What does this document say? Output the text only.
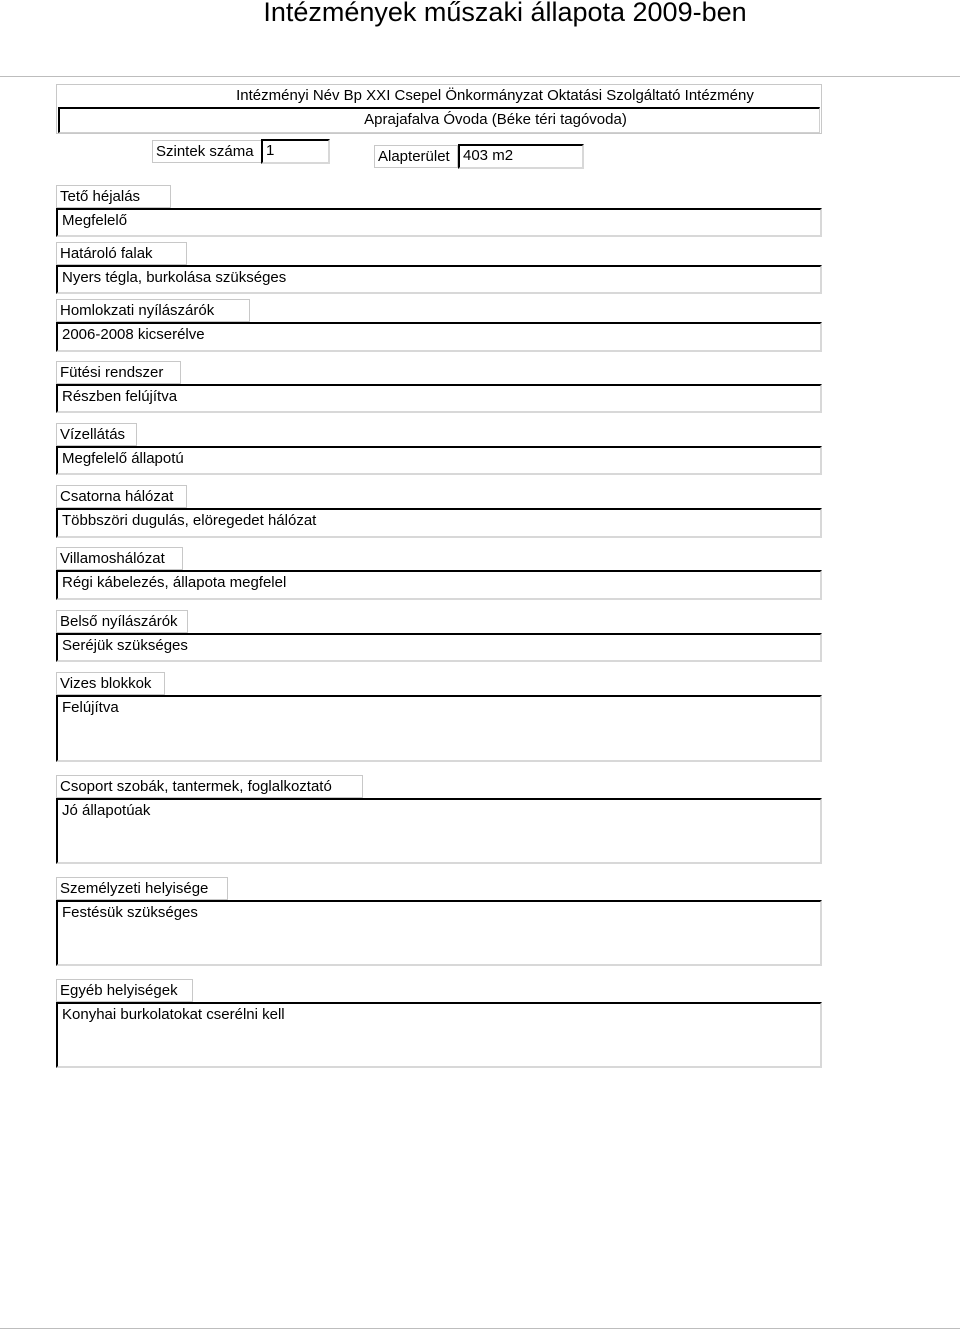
Intézmények műszaki állapota 2009-ben
Intézményi Név Bp XXI Csepel Önkormányzat Oktatási Szolgáltató Intézmény
Aprajafalva Óvoda (Béke téri tagóvoda)
Szintek száma 1	Alapterület 403 m2
Tető héjalás
Megfelelő
Határoló falak
Nyers tégla, burkolása szükséges
Homlokzati nyílászárók
2006-2008 kicserélve
Fütési rendszer
Részben felújítva
Vízellátás
Megfelelő állapotú
Csatorna hálózat
Többszöri dugulás, elöregedet hálózat
Villamoshálózat
Régi kábelezés, állapota megfelel
Belső nyílászárók
Seréjük szükséges
Vizes blokkok
Felújítva
Csoport szobák, tantermek, foglalkoztató
Jó állapotúak
Személyzeti helyisége
Festésük szükséges
Egyéb helyiségek
Konyhai burkolatokat cserélni kell
